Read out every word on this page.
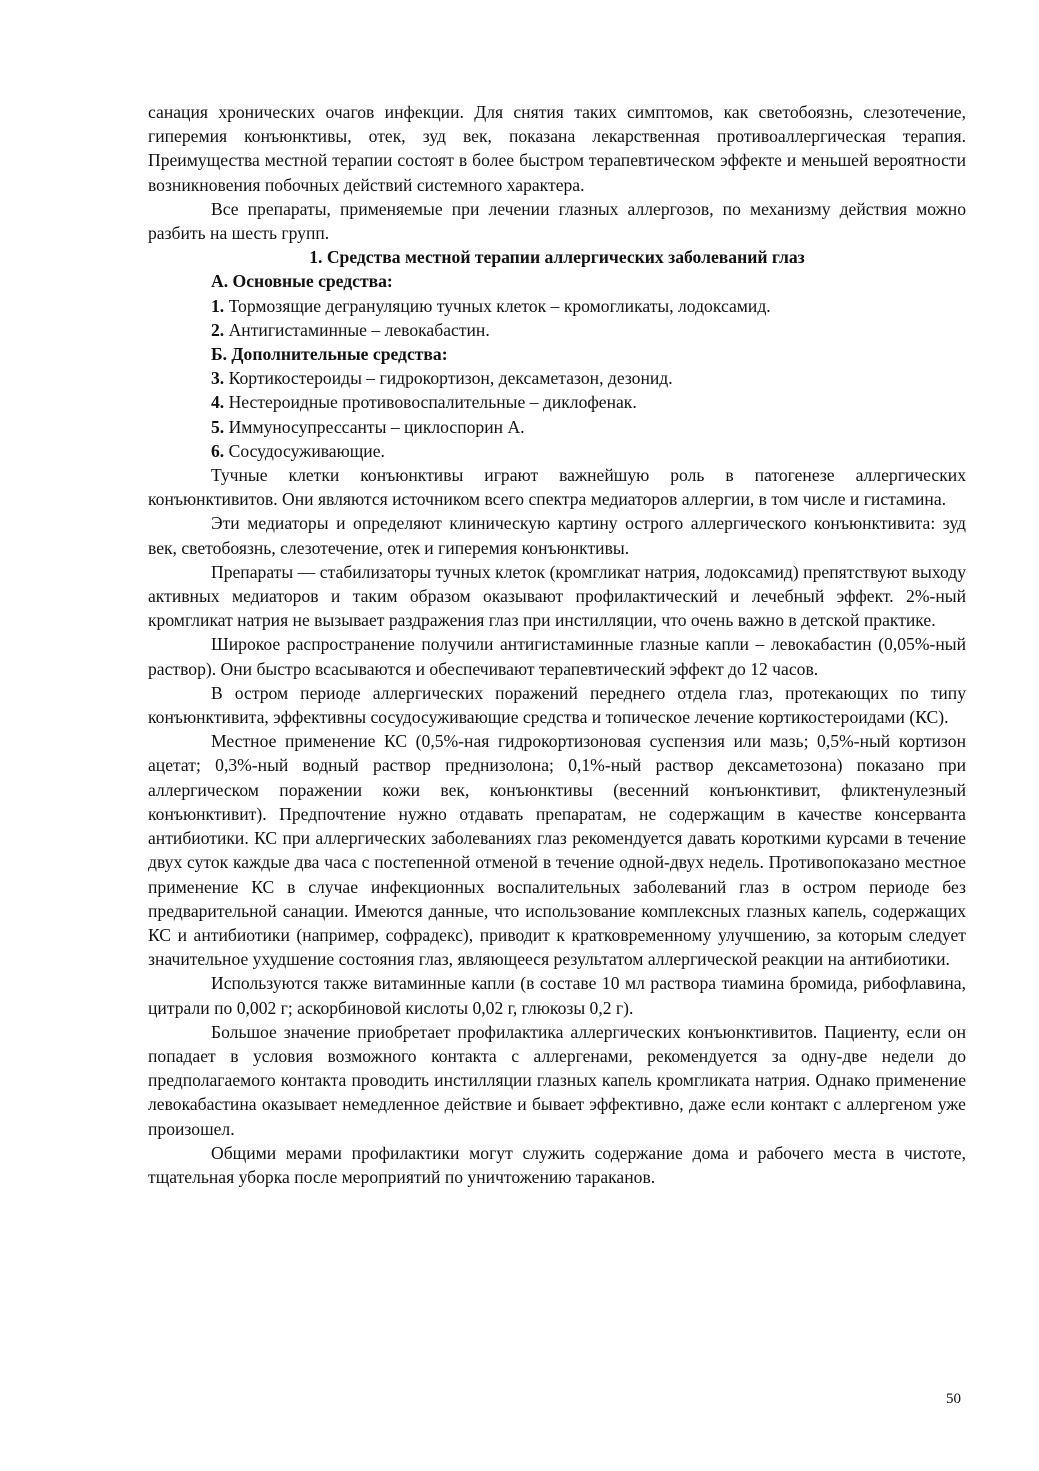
санация хронических очагов инфекции. Для снятия таких симптомов, как светобоязнь, слезотечение, гиперемия конъюнктивы, отек, зуд век, показана лекарственная противоаллергическая терапия. Преимущества местной терапии состоят в более быстром терапевтическом эффекте и меньшей вероятности возникновения побочных действий системного характера.

Все препараты, применяемые при лечении глазных аллергозов, по механизму действия можно разбить на шесть групп.

1. Средства местной терапии аллергических заболеваний глаз

А. Основные средства:

1. Тормозящие дегрануляцию тучных клеток – кромогликаты, лодоксамид.

2. Антигистаминные – левокабастин.

Б. Дополнительные средства:

3. Кортикостероиды – гидрокортизон, дексаметазон, дезонид.

4. Нестероидные противовоспалительные – диклофенак.

5. Иммуносупрессанты – циклоспорин А.

6. Сосудосуживающие.

Тучные клетки конъюнктивы играют важнейшую роль в патогенезе аллергических конъюнктивитов. Они являются источником всего спектра медиаторов аллергии, в том числе и гистамина.

Эти медиаторы и определяют клиническую картину острого аллергического конъюнктивита: зуд век, светобоязнь, слезотечение, отек и гиперемия конъюнктивы.

Препараты — стабилизаторы тучных клеток (кромгликат натрия, лодоксамид) препятствуют выходу активных медиаторов и таким образом оказывают профилактический и лечебный эффект. 2%-ный кромгликат натрия не вызывает раздражения глаз при инстилляции, что очень важно в детской практике.

Широкое распространение получили антигистаминные глазные капли – левокабастин (0,05%-ный раствор). Они быстро всасываются и обеспечивают терапевтический эффект до 12 часов.

В остром периоде аллергических поражений переднего отдела глаз, протекающих по типу конъюнктивита, эффективны сосудосуживающие средства и топическое лечение кортикостероидами (КС).

Местное применение КС (0,5%-ная гидрокортизоновая суспензия или мазь; 0,5%-ный кортизон ацетат; 0,3%-ный водный раствор преднизолона; 0,1%-ный раствор дексаметозона) показано при аллергическом поражении кожи век, конъюнктивы (весенний конъюнктивит, фликтенулезный конъюнктивит). Предпочтение нужно отдавать препаратам, не содержащим в качестве консерванта антибиотики. КС при аллергических заболеваниях глаз рекомендуется давать короткими курсами в течение двух суток каждые два часа с постепенной отменой в течение одной-двух недель. Противопоказано местное применение КС в случае инфекционных воспалительных заболеваний глаз в остром периоде без предварительной санации. Имеются данные, что использование комплексных глазных капель, содержащих КС и антибиотики (например, софрадекс), приводит к кратковременному улучшению, за которым следует значительное ухудшение состояния глаз, являющееся результатом аллергической реакции на антибиотики.

Используются также витаминные капли (в составе 10 мл раствора тиамина бромида, рибофлавина, цитрали по 0,002 г; аскорбиновой кислоты 0,02 г, глюкозы 0,2 г).

Большое значение приобретает профилактика аллергических конъюнктивитов. Пациенту, если он попадает в условия возможного контакта с аллергенами, рекомендуется за одну-две недели до предполагаемого контакта проводить инстилляции глазных капель кромгликата натрия. Однако применение левокабастина оказывает немедленное действие и бывает эффективно, даже если контакт с аллергеном уже произошел.

Общими мерами профилактики могут служить содержание дома и рабочего места в чистоте, тщательная уборка после мероприятий по уничтожению тараканов.

50
